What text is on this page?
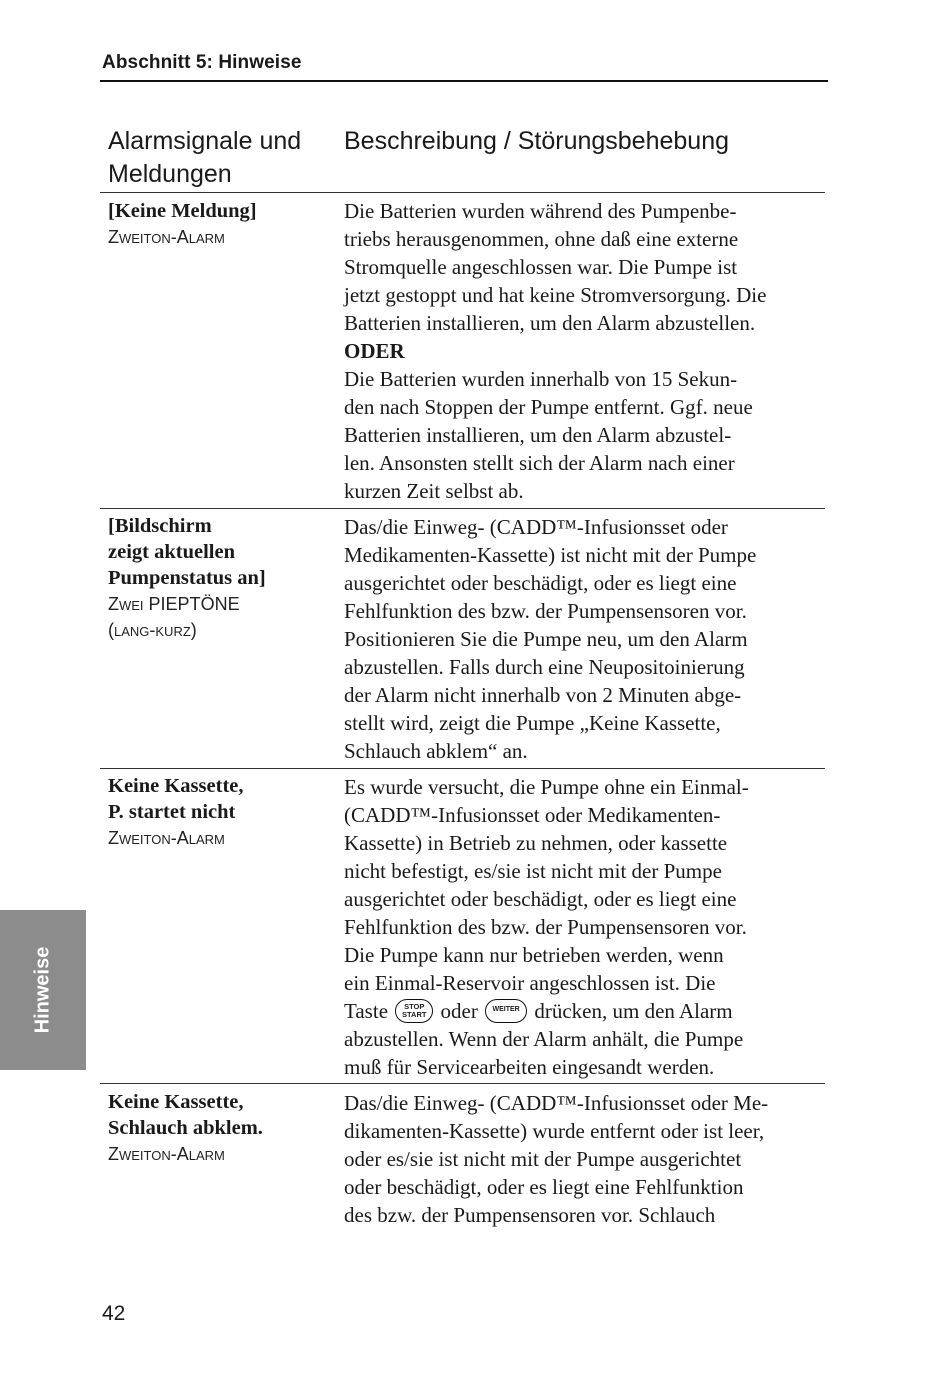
Abschnitt 5: Hinweise
Alarmsignale und
Meldungen
Beschreibung / Störungsbehebung
[Keine Meldung]
Zweiton-Alarm
Die Batterien wurden während des Pumpenbe-
triebs herausgenommen, ohne daß eine externe
Stromquelle angeschlossen war. Die Pumpe ist
jetzt gestoppt und hat keine Stromversorgung. Die
Batterien installieren, um den Alarm abzustellen.
ODER
Die Batterien wurden innerhalb von 15 Sekun-
den nach Stoppen der Pumpe entfernt. Ggf. neue
Batterien installieren, um den Alarm abzustel-
len. Ansonsten stellt sich der Alarm nach einer
kurzen Zeit selbst ab.
[Bildschirm
zeigt aktuellen
Pumpenstatus an]
Zwei PIEPTÖNE
(lang-kurz)
Das/die Einweg- (CADD™-Infusionsset oder
Medikamenten-Kassette) ist nicht mit der Pumpe
ausgerichtet oder beschädigt, oder es liegt eine
Fehlfunktion des bzw. der Pumpensensoren vor.
Positionieren Sie die Pumpe neu, um den Alarm
abzustellen. Falls durch eine Neupositoinierung
der Alarm nicht innerhalb von 2 Minuten abge-
stellt wird, zeigt die Pumpe „Keine Kassette,
Schlauch abklem“ an.
Keine Kassette,
P. startet nicht
Zweiton-Alarm
Es wurde versucht, die Pumpe ohne ein Einmal-
(CADD™-Infusionsset oder Medikamenten-
Kassette) in Betrieb zu nehmen, oder kassette
nicht befestigt, es/sie ist nicht mit der Pumpe
ausgerichtet oder beschädigt, oder es liegt eine
Fehlfunktion des bzw. der Pumpensensoren vor.
Die Pumpe kann nur betrieben werden, wenn
ein Einmal-Reservoir angeschlossen ist. Die
Taste STOP
START oder WEITER drücken, um den Alarm
abzustellen. Wenn der Alarm anhält, die Pumpe
muß für Servicearbeiten eingesandt werden.
Keine Kassette,
Schlauch abklem.
Zweiton-Alarm
Das/die Einweg- (CADD™-Infusionsset oder Me-
dikamenten-Kassette) wurde entfernt oder ist leer,
oder es/sie ist nicht mit der Pumpe ausgerichtet
oder beschädigt, oder es liegt eine Fehlfunktion
des bzw. der Pumpensensoren vor. Schlauch
Hinweise
42
